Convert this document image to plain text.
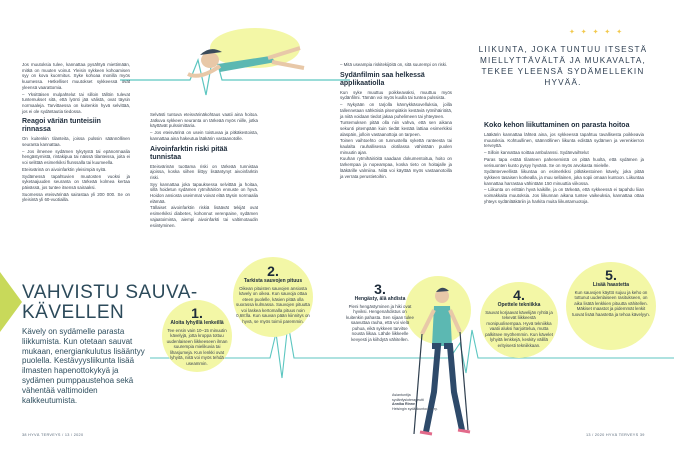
Jos muutoksia tulee, kannattaa pysähtyä miettimään, mitkä on muuten voinut. Yleisin sykkeen kohoamisen syy on kova kuormitus. Syke kohoaa monilla myös kuumessa. Hetkelliset muutokset sykkeessä ovat yleensä vaarattomia.

– Yksittäisen mulpahtelut tai silloin tällöin tulevat tuntemukset sitä, että lyönti jää välistä, ovat täysin normaaleja. Tarvittaessa on kuitenkin hyvä selvittää, jos ei ole sydäntautia tiedossa.

Reagoi väriän tunteisiin rinnassa

On kuitenkin tilanteita, joissa pulssin säännöllinen seuranta kannattaa.

– Jos ilmenee sydämen tykytystä tai epänormaalia hengästymistä, rintakipua tai näissä tilanteissa, joita ei voi selittää esimerkiksi flunssalla tai kuumeella.

Eteisvärinä on aivoinfarktin yleisimpiä syitä.

Sydämessä tapahtuvien muutosten vuoksi ja syketaajuuden seuranta on tärkeää kolmea kertaa päivässä, jos tuntee itsensä sairaaksi.

Suomessa eteisvärinää sairastaa yli 200 000. Se on yleisintä yli 60-vuotiailla.

Selvästi tuntuva eteisvärinäkohtaus vaatii aina hoitoa. Jatkuva sykkeen seuranta on tärkeää myös niille, jotka käyttävät pulssimittaria.

– Jos eteisvärinä on usein toistuvaa ja pitkäkestoista, kannattaa aina hakeutua lääkärin vastaanotolle.

Aivoinfarktin riski pitää tunnistaa

Eteisvärinän tuottama riski on tärkeää tunnistaa ajoissa, koska siihen liittyy lisääntynyt aivoinfarktin riski.

Syy kannattaa joka tapauksessa selvittää ja hoitaa, sillä hoidetun sydämen rytmihäiriön ennuste on hyvä. Hoidon ansiosta useimmat voivat elää täysin normaalia elämää.

Tällaiset aivoinfarktin riskiä lisäävät tekijät ovat esimerkiksi diabetes, kohonnut verenpaine, sydämen vajaatoiminta, aiempi aivoinfarkti tai valtimotaudin esiintyminen.

– Mitä useampia riskitekijöitä on, sitä suurempi on riski.

Sydänfilmin saa helkessä applikaatiolla

Kun syke muuttuu poikkeavaksi, muuttuu myös sydänfilmi. Tämän voi myös kuulla tai tuntea pulssista.

– Nykyään on tarjolla kännykkäsovelluksia, joilla tallennetaan sähköisiä pitempiäkin kestäviä rytmihäiriöitä, ja niitä voidaan tiedot jakaa puhelimeen tai yhteyteen.

Tuntemuksen pitää olla niin vahva, että sen aikana sekunti pitempään kuin tiedät kestää lattiaa esimerkiksi alaspäin, jolloin vastaanottoja on tarpeen.

Toinen vaihtoehto on tunnustella sykettä ranteesta tai kaulalta rauhallisessa olotilassa vähintään puolen minuutin ajan.

Kuuhan rytmihäiriöitä saadaan dokumentoitua, hoito on tarkempaa ja nopeampaa, koska tieto on hoitajalle ja lääkärille valmiina. Niitä voi käyttää myös vastaanotoilla ja verrata perustietoihin.

✦ ✦ ✦ ✦ ✦
LIIKUNTA, JOKA TUNTUU ITSESTÄ MIELLYTTÄVÄLTÄ JA MUKAVALTA, TEKEE YLEENSÄ SYDÄMELLEKIN HYVÄÄ.
Koko kehon liikuttaminen on parasta hoitoa

Lääkärin kannattaa lähteä aina, jos sykkeessä tapahtuu tavallisesta poikkeavia muutoksia. Kohtuullinen, säännöllinen liikunta edistää sydämen ja verenkierron terveyttä.

– Silloin kannattaa soittaa ambulanssi. Sydänvaihtelut

Paras tapa estää tilanteen pahenemistä on pitää huolta, että sydämen ja verisuonten kunto pysyy hyvänä. Se on myös arvokasta mielelle.

Sydänterveellistä liikuntaa on esimerkiksi pitkäkestoinen kävely, joka pitää sykkeen tasaisen korkealla, ja muu sellainen, joka sopii omaan kuntoon. Liikuntaa kannattaa harrastaa vähintään 150 minuuttia viikossa.

– Liikunta on erittäin hyvä kaikille, ja on tärkeää, että sykkeessä ei tapahdu liian voimakkaita muutoksia. Jos liikunnan aikana tuntee vaikeuksia, kannattaa ottaa yhteys sydänlääkäriin ja harkita muita liikuntamuotoja.

VAHVISTU SAUVA-KÄVELLEN
Kävely on sydämelle parasta liikkumista. Kun otetaan sauvat mukaan, energiankulutus lisääntyy puolella. Kestävyysliikunta lisää ilmasten hapenottokykyä ja sydämen pumppaustehoa sekä vähentää valtimoiden kalkkeutumista.
1.
Aloita lyhyillä lenkeillä
Tee ensin vain 10–15 minuutin kävelyjä, jotta kroppa tottuu uudenlaiseen liikkeeseen ilman suurempia mielikuvia tai lihasjumeja. Kun lenkki ovat lyhyitä, niitä voi myös tehdä useammin.
2.
Tarkista sauvojen pituus
Oikean pituisten sauvojen ansiosta kävely on oikea. Kun sauvoja ottaa eteen puolelle, käsien pitää olla suorassa kulmassa. Sauvojen pituutta voi laskea kertomalla pituus noin 0,68:lla. Kun sauvan pään kiinnitys on hyvä, se myös toimii paremmin.
3.
Hengästy, älä ahdista
Pieni hengästyminen ja hiki ovat hyviksi. Hengenahdistus on kuitenkin pahasta. Sen sijaan tulee saavuttaa rauha, että voi vielä puhua, eikä sykkeen tarvitse nousta liikaa. Lähde liikkeelle kevyesti ja kiihdytä vähitellen.
4.
Opettele tekniikka
Sauvat korjaavat kävelijän ryhtiä ja tekevät liikkeestä monipuolisempaa. Hyvä tekniikka vaatii aluksi harjoittelua, mutta palkitsee myöhemmin. Kun kävelet lyhyitä lenkkejä, keskity välillä erityisesti tekniikkaan.
5.
Lisää haastetta
Kun sauvojen käyttö sujuu ja keho on tottunut uudenlaiseen rasitukseen, on aika lisätä lenkkien pituutta vähitellen. Mäkiset maastot ja pidemmät lenkit tuovat lisää haastetta ja tehoa kävelyyn.
Asiantuntija sydänfysioterapeutti
Annika Rinne
Helsingin sydänkuntoutus ry.
38 HYVÄ TERVEYS / 13 / 2020	13 / 2020 HYVÄ TERVEYS 39
